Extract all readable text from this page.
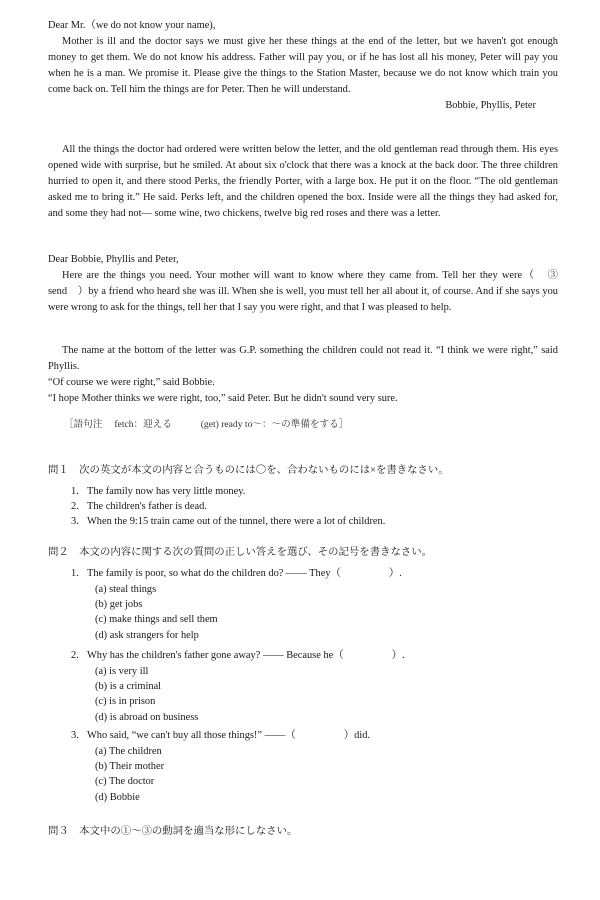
Dear Mr.（we do not know your name),

Mother is ill and the doctor says we must give her these things at the end of the letter, but we haven't got enough money to get them. We do not know his address. Father will pay you, or if he has lost all his money, Peter will pay you when he is a man. We promise it. Please give the things to the Station Master, because we do not know which train you come back on. Tell him the things are for Peter. Then he will understand.

Bobbie, Phyllis, Peter

All the things the doctor had ordered were written below the letter, and the old gentleman read through them. His eyes opened wide with surprise, but he smiled. At about six o'clock that there was a knock at the back door. The three children hurried to open it, and there stood Perks, the friendly Porter, with a large box. He put it on the floor. “The old gentleman asked me to bring it.” He said. Perks left, and the children opened the box. Inside were all the things they had asked for, and some they had not— some wine, two chickens, twelve big red roses and there was a letter.

Dear Bobbie, Phyllis and Peter,

Here are the things you need. Your mother will want to know where they came from. Tell her they were（　③ send　）by a friend who heard she was ill. When she is well, you must tell her all about it, of course. And if she says you were wrong to ask for the things, tell her that I say you were right, and that I was pleased to help.

The name at the bottom of the letter was G.P. something the children could not read it. “I think we were right,” said Phyllis.

“Of course we were right,” said Bobbie.

“I hope Mother thinks we were right, too,” said Peter. But he didn't sound very sure.

［語句注　 fetch：迎える　　　(get) ready to～：～の準備をする］
問１　次の英文が本文の内容と合うものには〇を、合わないものには×を書きなさい。
1. The family now has very little money.
2. The children's father is dead.
3. When the 9:15 train came out of the tunnel, there were a lot of children.
問２　本文の内容に関する次の質問の正しい答えを選び、その記号を書きなさい。
1. The family is poor, so what do the children do? —— They（	）.
(a) steal things
(b) get jobs
(c) make things and sell them
(d) ask strangers for help
2. Why has the children's father gone away? —— Because he（	）.
(a) is very ill
(b) is a criminal
(c) is in prison
(d) is abroad on business
3. Who said, “we can't buy all those things!” ——（	）did.
(a) The children
(b) Their mother
(c) The doctor
(d) Bobbie
問３　本文中の①～③の動詞を適当な形にしなさい。
